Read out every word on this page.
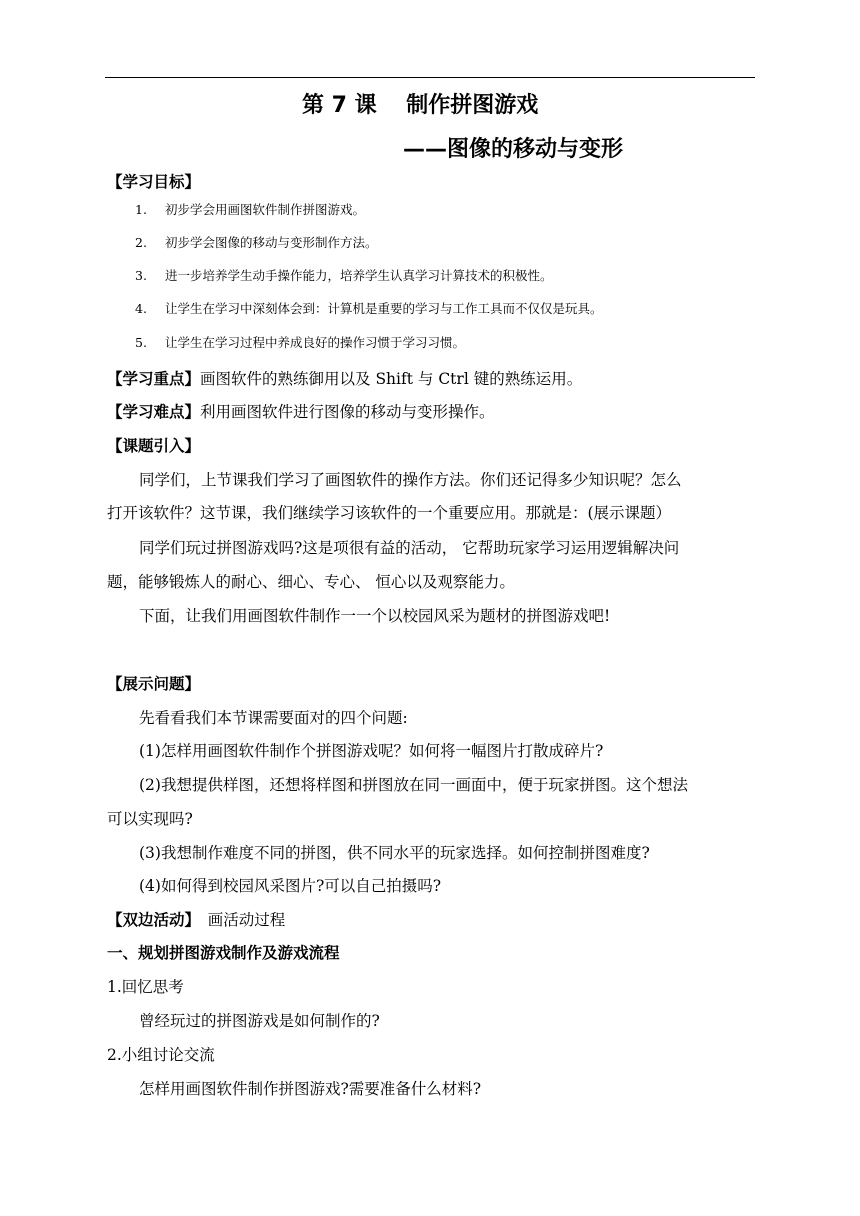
第 7 课　 制作拼图游戏
——图像的移动与变形
【学习目标】
1. 初步学会用画图软件制作拼图游戏。
2. 初步学会图像的移动与变形制作方法。
3. 进一步培养学生动手操作能力，培养学生认真学习计算技术的积极性。
4. 让学生在学习中深刻体会到：计算机是重要的学习与工作工具而不仅仅是玩具。
5. 让学生在学习过程中养成良好的操作习惯于学习习惯。
【学习重点】画图软件的熟练御用以及 Shift 与 Ctrl 键的熟练运用。
【学习难点】利用画图软件进行图像的移动与变形操作。
【课题引入】
同学们，上节课我们学习了画图软件的操作方法。你们还记得多少知识呢？怎么
打开该软件？这节课，我们继续学习该软件的一个重要应用。那就是：(展示课题）
同学们玩过拼图游戏吗?这是项很有益的活动， 它帮助玩家学习运用逻辑解决问
题，能够锻炼人的耐心、细心、专心、 恒心以及观察能力。
下面，让我们用画图软件制作一一个以校园风采为题材的拼图游戏吧!
【展示问题】
先看看我们本节课需要面对的四个问题:
(1)怎样用画图软件制作个拼图游戏呢？如何将一幅图片打散成碎片?
(2)我想提供样图，还想将样图和拼图放在同一画面中，便于玩家拼图。这个想法
可以实现吗?
(3)我想制作难度不同的拼图，供不同水平的玩家选择。如何控制拼图难度?
(4)如何得到校园风采图片?可以自己拍摄吗?
【双边活动】　画活动过程
一、规划拼图游戏制作及游戏流程
1.回忆思考
曾经玩过的拼图游戏是如何制作的?
2.小组讨论交流
怎样用画图软件制作拼图游戏?需要准备什么材料?
